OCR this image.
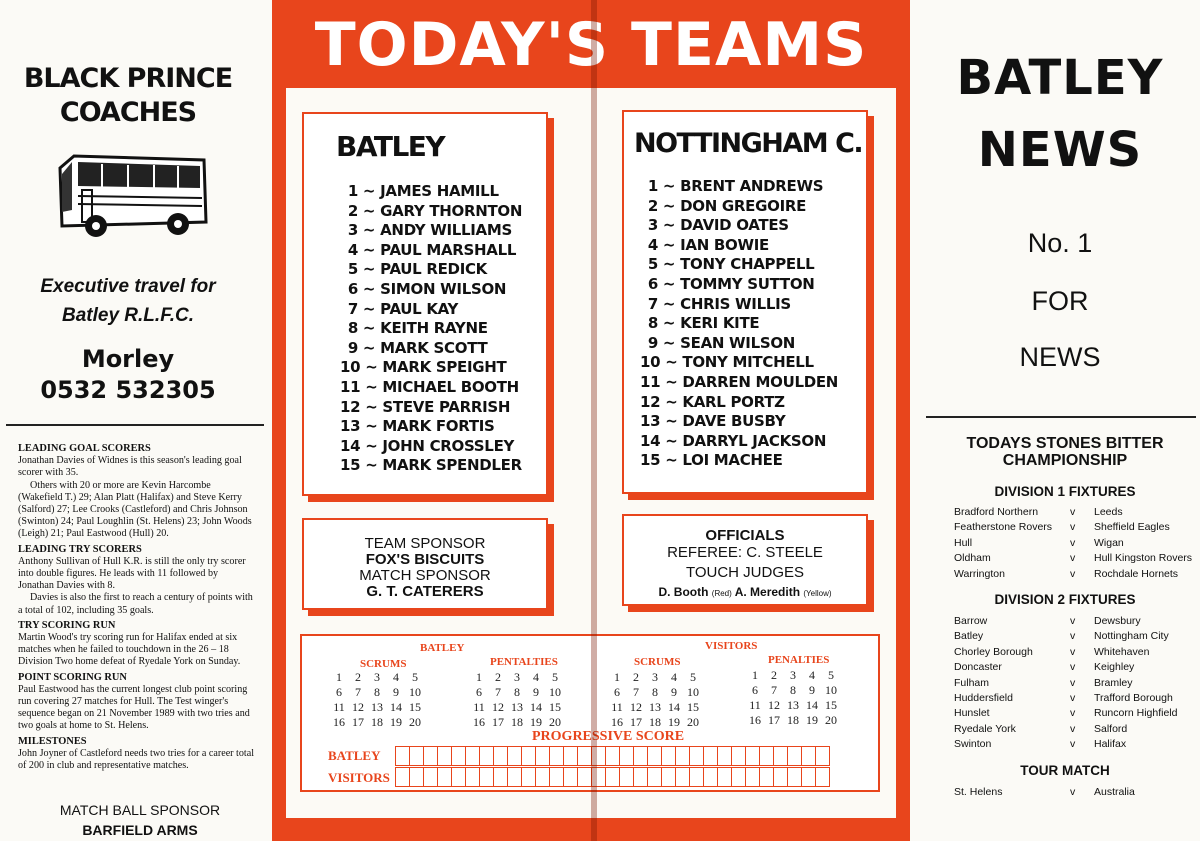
BLACK PRINCE
COACHES
Executive travel for
Batley R.L.F.C.
Morley
0532 532305
LEADING GOAL SCORERS

Jonathan Davies of Widnes is this season's leading goal scorer with 35.

Others with 20 or more are Kevin Harcombe (Wakefield T.) 29; Alan Platt (Halifax) and Steve Kerry (Salford) 27; Lee Crooks (Castleford) and Chris Johnson (Swinton) 24; Paul Loughlin (St. Helens) 23; John Woods (Leigh) 21; Paul Eastwood (Hull) 20.

LEADING TRY SCORERS

Anthony Sullivan of Hull K.R. is still the only try scorer into double figures. He leads with 11 followed by Jonathan Davies with 8.

Davies is also the first to reach a century of points with a total of 102, including 35 goals.

TRY SCORING RUN

Martin Wood's try scoring run for Halifax ended at six matches when he failed to touchdown in the 26 – 18 Division Two home defeat of Ryedale York on Sunday.

POINT SCORING RUN

Paul Eastwood has the current longest club point scoring run covering 27 matches for Hull. The Test winger's sequence began on 21 November 1989 with two tries and two goals at home to St. Helens.

MILESTONES

John Joyner of Castleford needs two tries for a career total of 200 in club and representative matches.

MATCH BALL SPONSOR
BARFIELD ARMS
TODAY'S TEAMS
BATLEY
1 ~ JAMES HAMILL
2 ~ GARY THORNTON
3 ~ ANDY WILLIAMS
4 ~ PAUL MARSHALL
5 ~ PAUL REDICK
6 ~ SIMON WILSON
7 ~ PAUL KAY
8 ~ KEITH RAYNE
9 ~ MARK SCOTT
10 ~ MARK SPEIGHT
11 ~ MICHAEL BOOTH
12 ~ STEVE PARRISH
13 ~ MARK FORTIS
14 ~ JOHN CROSSLEY
15 ~ MARK SPENDLER
NOTTINGHAM C.
1 ~ BRENT ANDREWS
2 ~ DON GREGOIRE
3 ~ DAVID OATES
4 ~ IAN BOWIE
5 ~ TONY CHAPPELL
6 ~ TOMMY SUTTON
7 ~ CHRIS WILLIS
8 ~ KERI KITE
9 ~ SEAN WILSON
10 ~ TONY MITCHELL
11 ~ DARREN MOULDEN
12 ~ KARL PORTZ
13 ~ DAVE BUSBY
14 ~ DARRYL JACKSON
15 ~ LOI MACHEE
TEAM SPONSOR
FOX'S BISCUITS
MATCH SPONSOR
G. T. CATERERS
OFFICIALS
REFEREE: C. STEELE
TOUCH JUDGES
D. Booth (Red) A. Meredith (Yellow)
BATLEY	VISITORS
SCRUMS	PENTALTIES	SCRUMS	PENALTIES
1	2	3	4	5
6	7	8	9 10
11 12 13 14 15
16 17 18 19 20
1	2	3	4	5
6	7	8	9 10
11 12 13 14 15
16 17 18 19 20
1	2	3	4	5
6	7	8	9 10
11 12 13 14 15
16 17 18 19 20
1	2	3	4	5
6	7	8	9 10
11 12 13 14 15
16 17 18 19 20
PROGRESSIVE SCORE
BATLEY
VISITORS
BATLEY
NEWS
No. 1
FOR
NEWS
TODAYS STONES BITTER
CHAMPIONSHIP
DIVISION 1 FIXTURES
Bradford Northern	v Leeds
Featherstone Rovers v Sheffield Eagles
Hull	v Wigan
Oldham	v Hull Kingston Rovers
Warrington	v Rochdale Hornets
DIVISION 2 FIXTURES
Barrow	v Dewsbury
Batley	v Nottingham City
Chorley Borough	v Whitehaven
Doncaster	v Keighley
Fulham	v Bramley
Huddersfield	v Trafford Borough
Hunslet	v Runcorn Highfield
Ryedale York	v Salford
Swinton	v Halifax
TOUR MATCH
St. Helens	v Australia
